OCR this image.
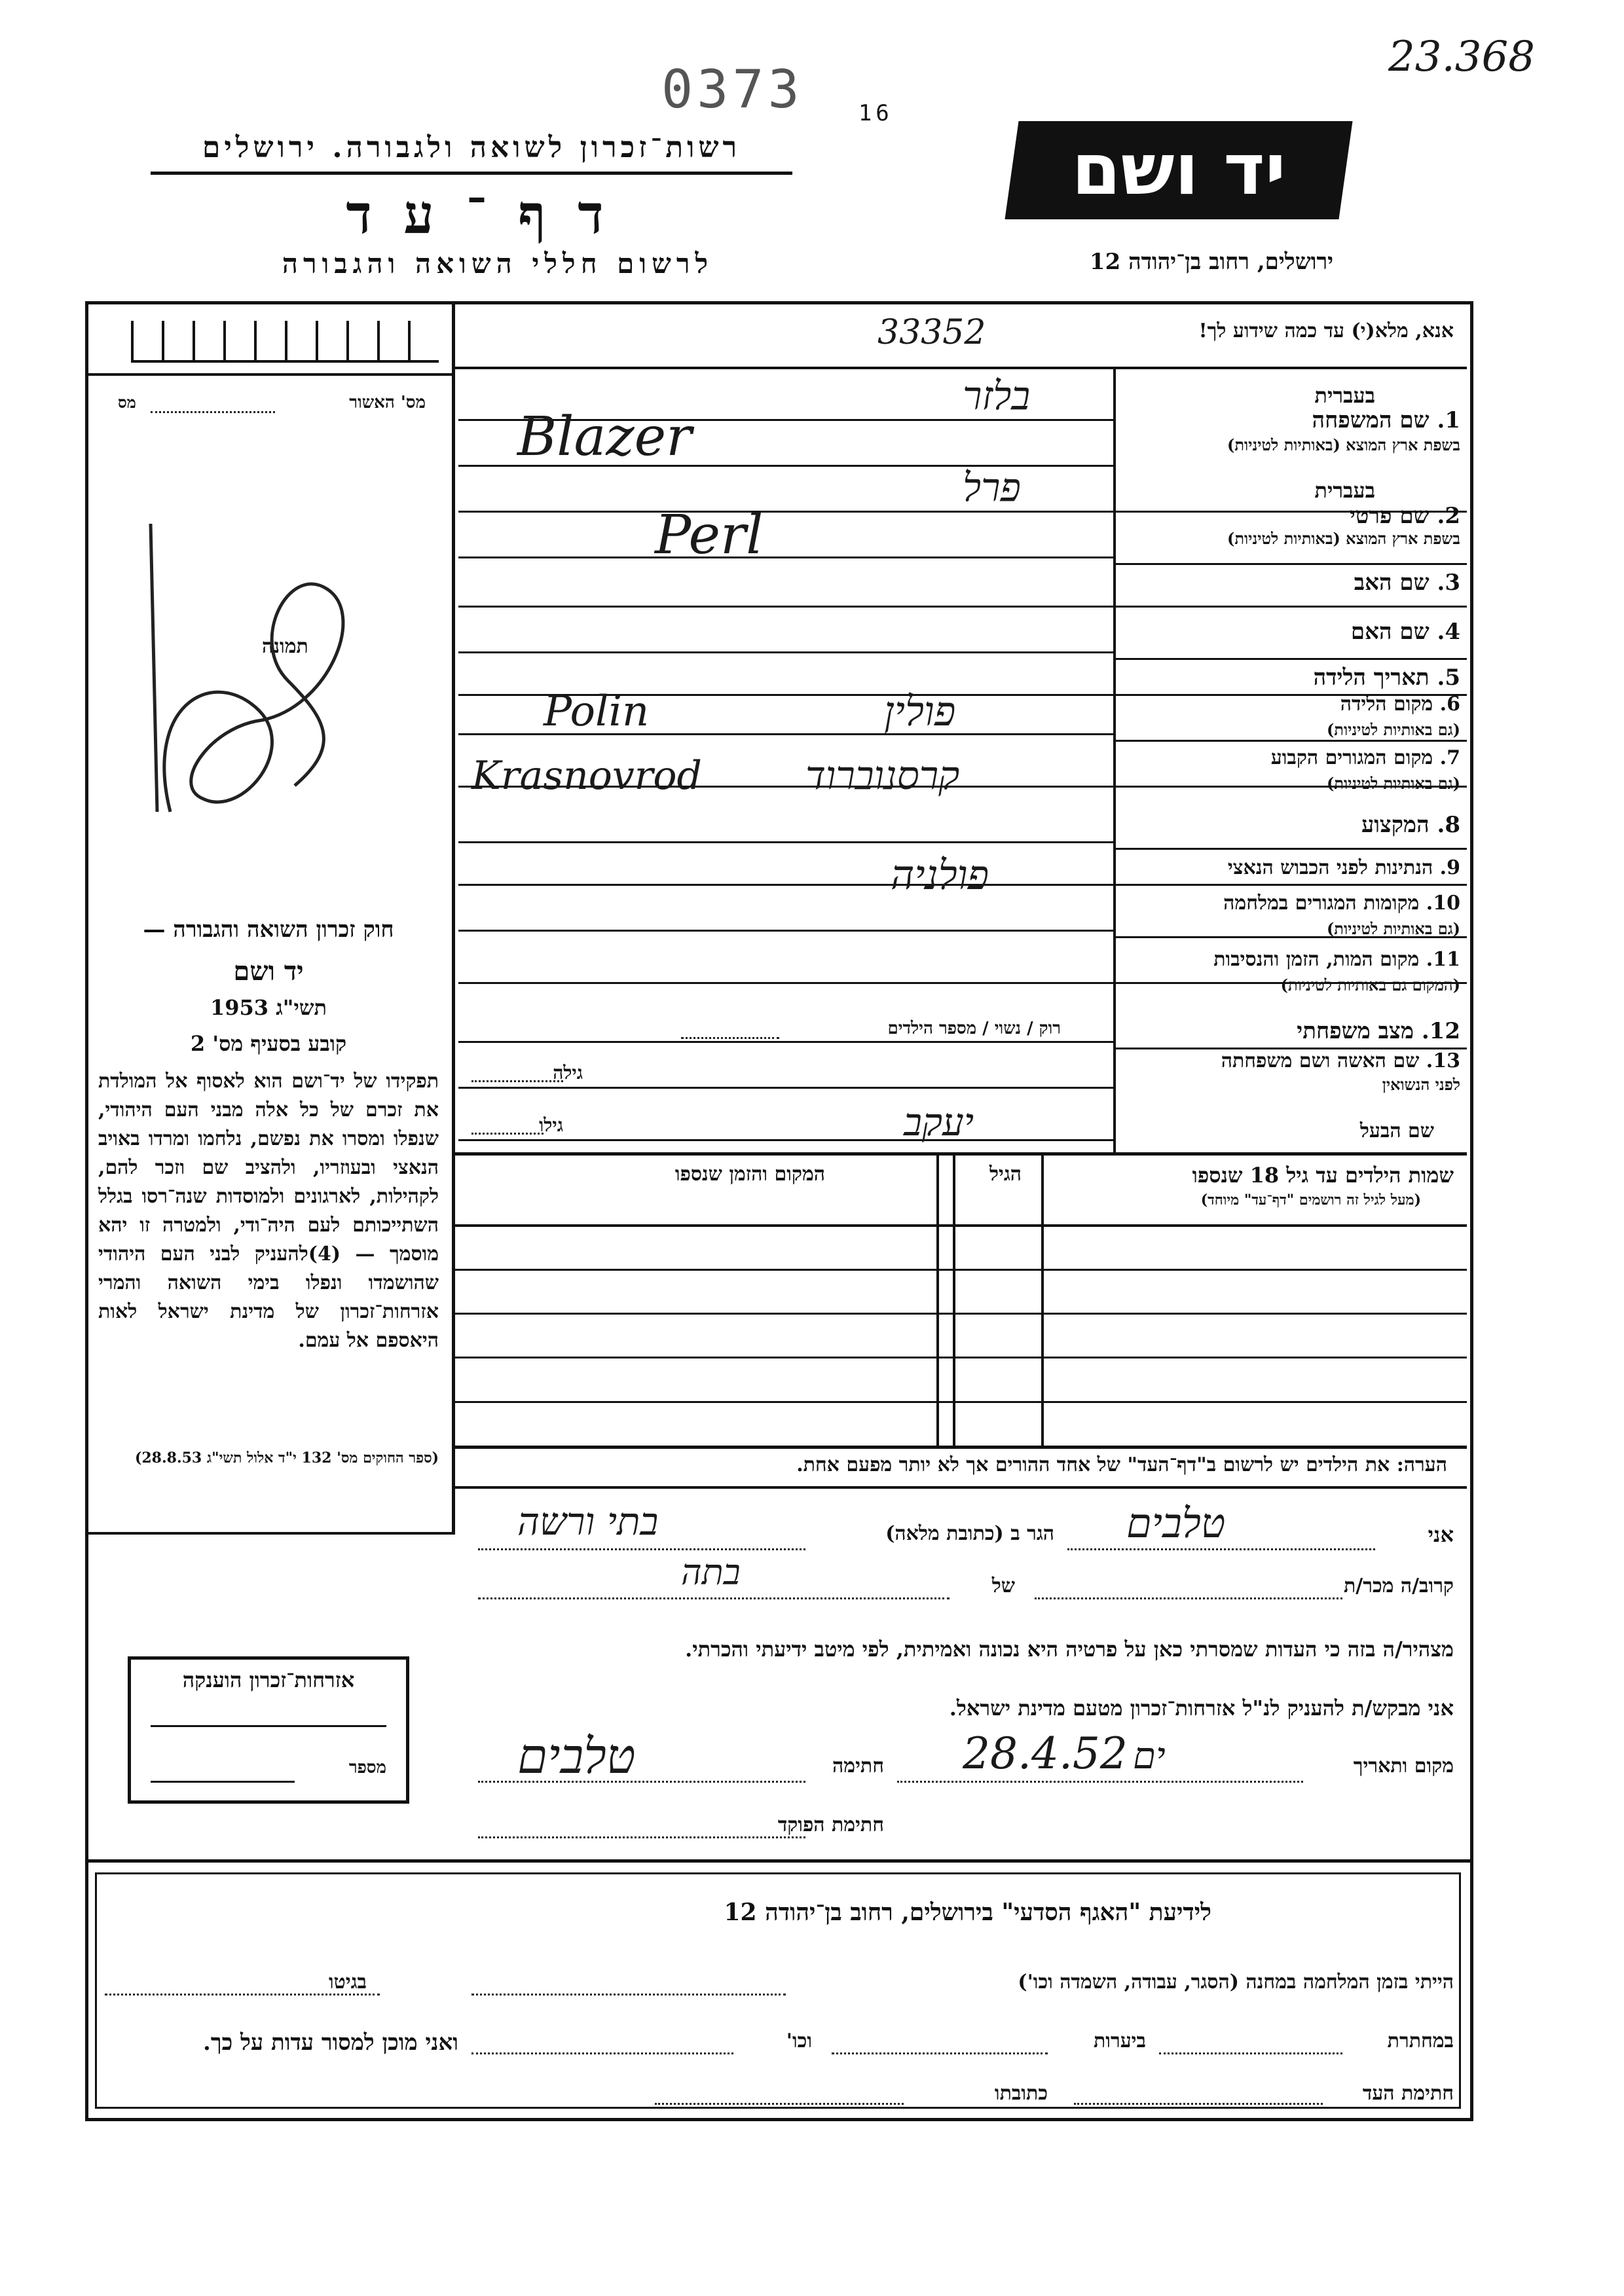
23.368
0373 $_{16}$
רשות־זכרון לשואה ולגבורה. ירושלים
ד ף ־ ע ד
לרשום חללי השואה והגבורה
יד ושם
ירושלים, רחוב בן־יהודה 12
מס' האשור
מס
תמונה
חוק זכרון השואה והגבורה —
יד ושם
תשי"ג 1953
קובע בסעיף מס' 2
תפקידו של יד־ושם הוא לאסוף אל המולדת את זכרם של כל אלה מבני העם היהודי, שנפלו ומסרו את נפשם, נלחמו ומרדו באויב הנאצי ובעוזריו, ולהציב שם וזכר להם, לקהילות, לארגונים ולמוסדות שנה־רסו בגלל השתייכותם לעם היה־ודי, ולמטרה זו יהא מוסמך — (4)להעניק לבני העם היהודי שהושמדו ונפלו בימי השואה והמרי אזרחות־זכרון של מדינת ישראל לאות היאספם אל עמם.
(ספר החוקים מס' 132 י"ד אלול תשי"ג 28.8.53)
אנא, מלא(י) עד כמה שידוע לך!
33352
בעברית
בעברית
1. שם המשפחה
בשפת ארץ המוצא (באותיות לטיניות)
2. שם פרטי
בשפת ארץ המוצא (באותיות לטיניות)
3. שם האב
4. שם האם
5. תאריך הלידה
6. מקום הלידה
(גם באותיות לטיניות)
7. מקום המגורים הקבוע
(גם באותיות לטיניות)
8. המקצוע
9. הנתינות לפני הכבוש הנאצי
10. מקומות המגורים במלחמה
(גם באותיות לטיניות)
11. מקום המות, הזמן והנסיבות
(המקום גם באותיות לטיניות)
12. מצב משפחתי
13. שם האשה ושם משפחתה
לפני הנשואין
שם הבעל
רוק / נשוי / מספר הילדים
גילה
גילו
בלזר
Blazer
פרל
Perl
Polin	פולין
Krasnovrod	קרסנוברוד
פולניה
יעקב
שמות הילדים עד גיל 18 שנספו
(מעל לגיל זה רושמים "דף־עד" מיוחד)
הגיל
המקום והזמן שנספו
הערה: את הילדים יש לרשום ב"דף־העד" של אחד ההורים אך לא יותר מפעם אחת.
אני
טלבים
הגר ב (כתובת מלאה)
בתי ורשה
קרוב/ה מכר/ת
של
בתה
מצהיר/ה בזה כי העדות שמסרתי כאן על פרטיה היא נכונה ואמיתית, לפי מיטב ידיעתי והכרתי.
אני מבקש/ת להעניק לנ"ל אזרחות־זכרון מטעם מדינת ישראל.
מקום ותאריך
28.4.52 ים
חתימה
טלבים
חתימת הפוקד
אזרחות־זכרון הוענקה
מספר
לידיעת "האגף הסדעי" בירושלים, רחוב בן־יהודה 12
הייתי בזמן המלחמה במחנה (הסגר, עבודה, השמדה וכו')
בגיטו
במחתרת
ביערות
וכו'
ואני מוכן למסור עדות על כך.
חתימת העד
כתובתו
